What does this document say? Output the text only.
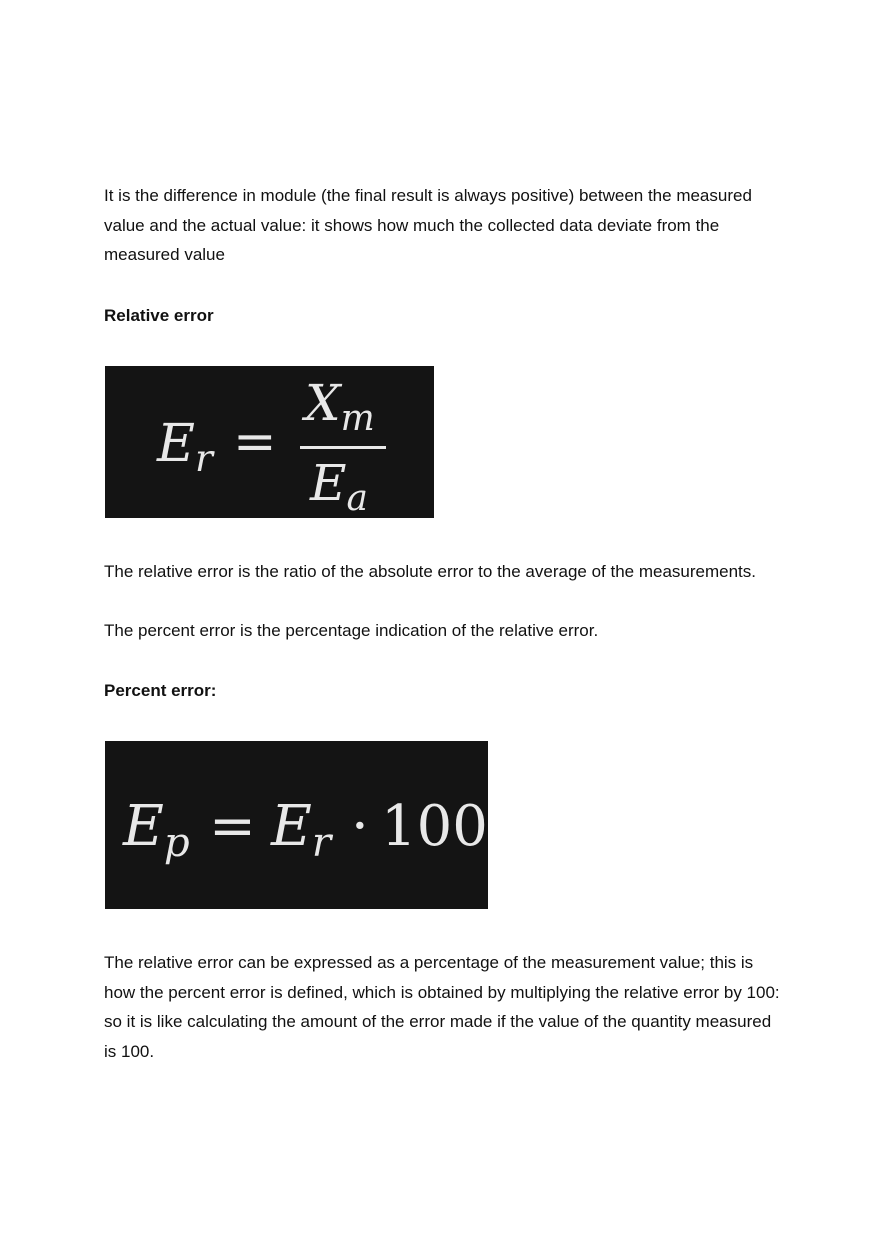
It is the difference in module (the final result is always positive) between the measured value and the actual value: it shows how much the collected data deviate from the measured value

Relative error

$E_r$ =
$X_m$
$E_a$

The relative error is the ratio of the absolute error to the average of the measurements.

The percent error is the percentage indication of the relative error.

Percent error:

$E_p = E_r \cdot 100$

The relative error can be expressed as a percentage of the measurement value; this is how the percent error is defined, which is obtained by multiplying the relative error by 100: so it is like calculating the amount of the error made if the value of the quantity measured is 100.
